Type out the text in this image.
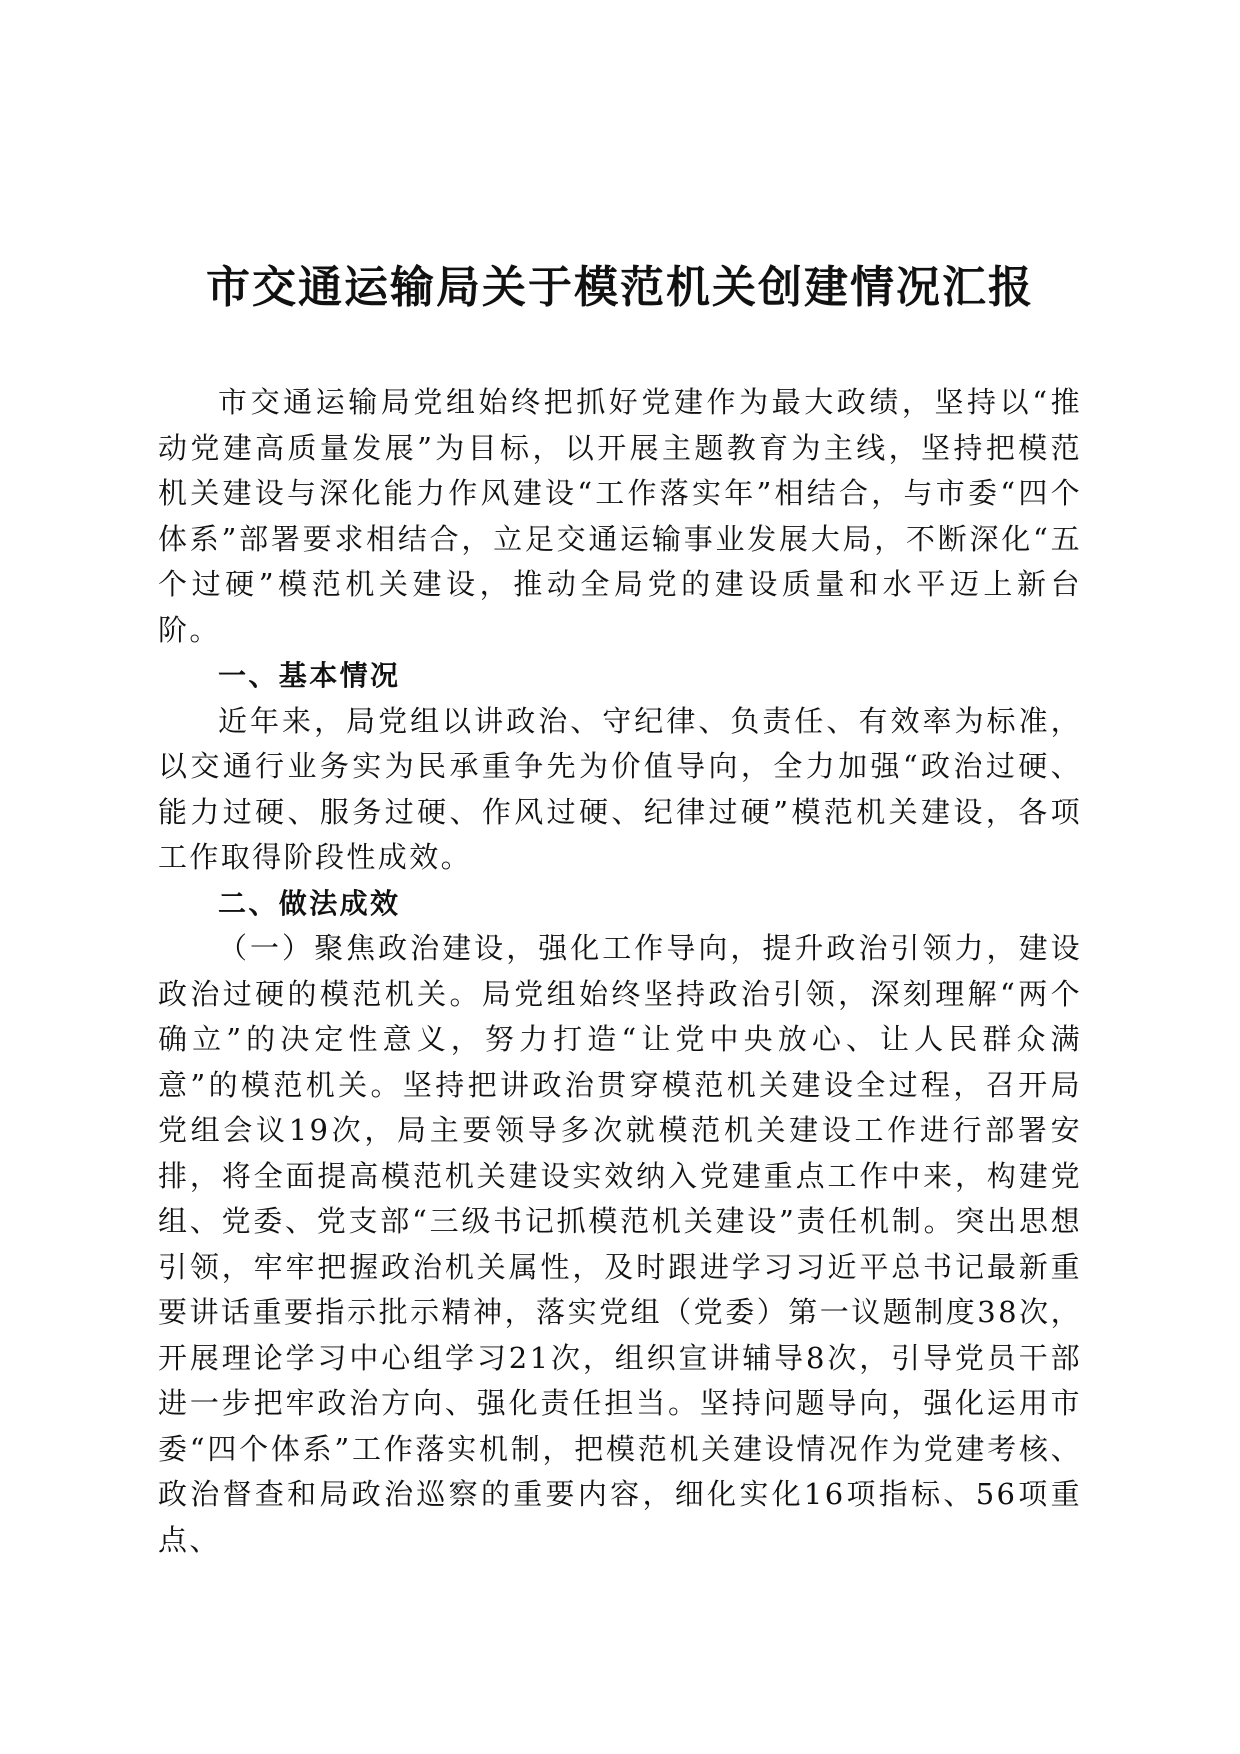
市交通运输局关于模范机关创建情况汇报

市交通运输局党组始终把抓好党建作为最大政绩，坚持以“推动党建高质量发展”为目标，以开展主题教育为主线，坚持把模范机关建设与深化能力作风建设“工作落实年”相结合，与市委“四个体系”部署要求相结合，立足交通运输事业发展大局，不断深化“五个过硬”模范机关建设，推动全局党的建设质量和水平迈上新台阶。

一、基本情况

近年来，局党组以讲政治、守纪律、负责任、有效率为标准，以交通行业务实为民承重争先为价值导向，全力加强“政治过硬、能力过硬、服务过硬、作风过硬、纪律过硬”模范机关建设，各项工作取得阶段性成效。

二、做法成效

（一）聚焦政治建设，强化工作导向，提升政治引领力，建设政治过硬的模范机关。局党组始终坚持政治引领，深刻理解“两个确立”的决定性意义，努力打造“让党中央放心、让人民群众满意”的模范机关。坚持把讲政治贯穿模范机关建设全过程，召开局党组会议19次，局主要领导多次就模范机关建设工作进行部署安排，将全面提高模范机关建设实效纳入党建重点工作中来，构建党组、党委、党支部“三级书记抓模范机关建设”责任机制。突出思想引领，牢牢把握政治机关属性，及时跟进学习习近平总书记最新重要讲话重要指示批示精神，落实党组（党委）第一议题制度38次，开展理论学习中心组学习21次，组织宣讲辅导8次，引导党员干部进一步把牢政治方向、强化责任担当。坚持问题导向，强化运用市委“四个体系”工作落实机制，把模范机关建设情况作为党建考核、政治督查和局政治巡察的重要内容，细化实化16项指标、56项重点、
